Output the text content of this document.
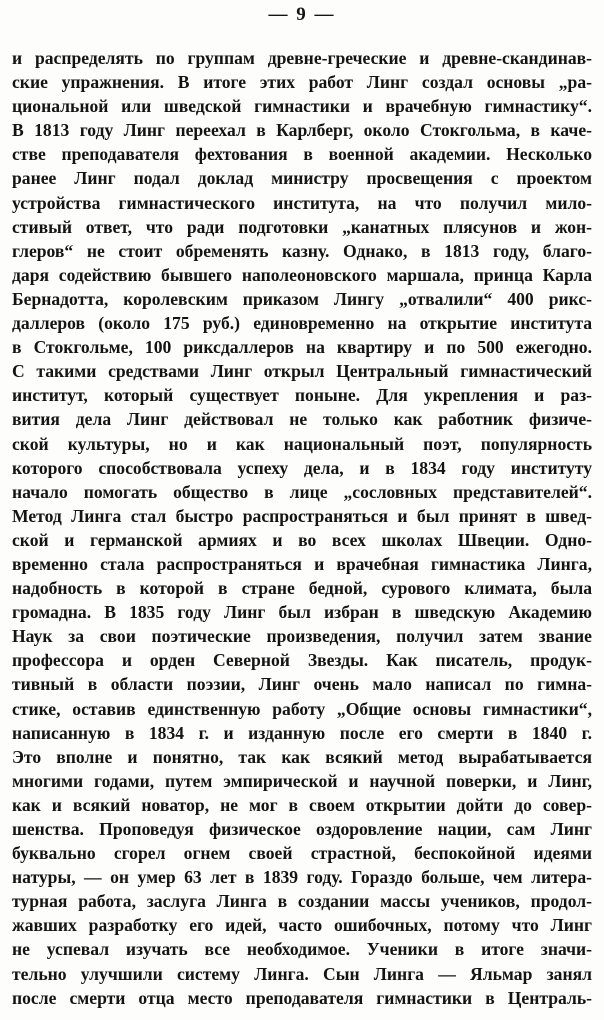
— 9 —
и распределять по группам древне-греческие и древне-скандинав-
ские упражнения. В итоге этих работ Линг создал основы „ра-
циональной или шведской гимнастики и врачебную гимнастику“.
В 1813 году Линг переехал в Карлберг, около Стокгольма, в каче-
стве преподавателя фехтования в военной академии. Несколько
ранее Линг подал доклад министру просвещения с проектом
устройства гимнастического института, на что получил мило-
стивый ответ, что ради подготовки „канатных плясунов и жон-
глеров“ не стоит обременять казну. Однако, в 1813 году, благо-
даря содействию бывшего наполеоновского маршала, принца Карла
Бернадотта, королевским приказом Лингу „отвалили“ 400 рикс-
даллеров (около 175 руб.) единовременно на открытие института
в Стокгольме, 100 риксдаллеров на квартиру и по 500 ежегодно.
С такими средствами Линг открыл Центральный гимнастический
институт, который существует поныне. Для укрепления и раз-
вития дела Линг действовал не только как работник физиче-
ской культуры, но и как национальный поэт, популярность
которого способствовала успеху дела, и в 1834 году институту
начало помогать общество в лице „сословных представителей“.
Метод Линга стал быстро распространяться и был принят в швед-
ской и германской армиях и во всех школах Швеции. Одно-
временно стала распространяться и врачебная гимнастика Линга,
надобность в которой в стране бедной, сурового климата, была
громадна. В 1835 году Линг был избран в шведскую Академию
Наук за свои поэтические произведения, получил затем звание
профессора и орден Северной Звезды. Как писатель, продук-
тивный в области поэзии, Линг очень мало написал по гимна-
стике, оставив единственную работу „Общие основы гимнастики“,
написанную в 1834 г. и изданную после его смерти в 1840 г.
Это вполне и понятно, так как всякий метод вырабатывается
многими годами, путем эмпирической и научной поверки, и Линг,
как и всякий новатор, не мог в своем открытии дойти до совер-
шенства. Проповедуя физическое оздоровление нации, сам Линг
буквально сгорел огнем своей страстной, беспокойной идеями
натуры, — он умер 63 лет в 1839 году. Гораздо больше, чем литера-
турная работа, заслуга Линга в создании массы учеников, продол-
жавших разработку его идей, часто ошибочных, потому что Линг
не успевал изучать все необходимое. Ученики в итоге значи-
тельно улучшили систему Линга. Сын Линга — Яльмар занял
после смерти отца место преподавателя гимнастики в Централь-
